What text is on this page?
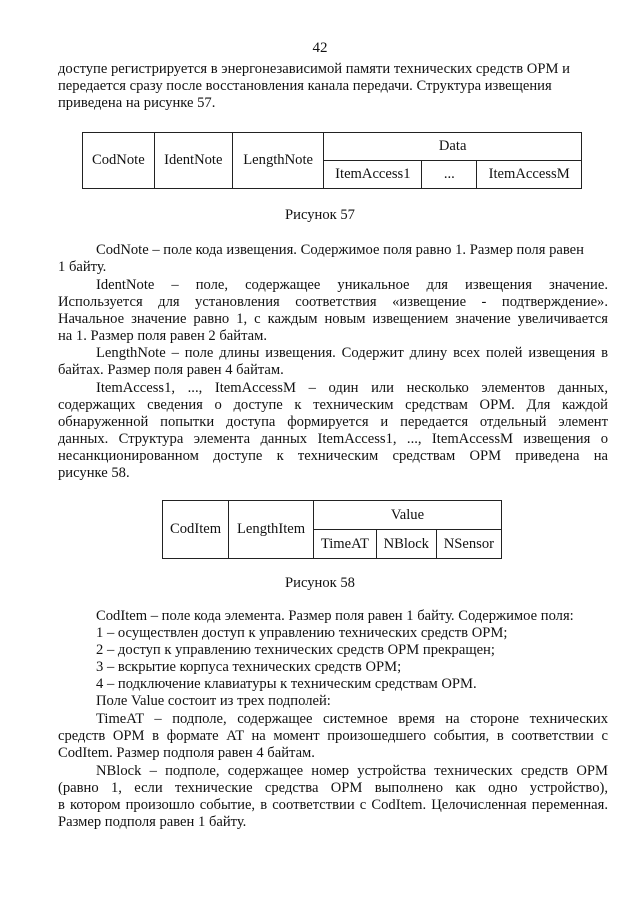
42
доступе регистрируется в энергонезависимой памяти технических средств ОРМ и
передается сразу после восстановления канала передачи. Структура извещения
приведена на рисунке 57.
CodNote	IdentNote	LengthNote	Data		
			ItemAccess1	...	ItemAccessM
Рисунок 57
CodNote – поле кода извещения. Содержимое поля равно 1. Размер поля равен
1 байту.
IdentNote – поле, содержащее уникальное для извещения значение.
Используется для установления соответствия «извещение - подтверждение».
Начальное значение равно 1, с каждым новым извещением значение увеличивается
на 1. Размер поля равен 2 байтам.
LengthNote – поле длины извещения. Содержит длину всех полей извещения в
байтах. Размер поля равен 4 байтам.
ItemAccess1, ..., ItemAccessM – один или несколько элементов данных,
содержащих сведения о доступе к техническим средствам ОРМ. Для каждой
обнаруженной попытки доступа формируется и передается отдельный элемент
данных. Структура элемента данных ItemAccess1, ..., ItemAccessM извещения о
несанкционированном доступе к техническим средствам ОРМ приведена на
рисунке 58.
CodItem	LengthItem	Value		
		TimeAT	NBlock	NSensor
Рисунок 58
CodItem – поле кода элемента. Размер поля равен 1 байту. Содержимое поля:
1 – осуществлен доступ к управлению технических средств ОРМ;
2 – доступ к управлению технических средств ОРМ прекращен;
3 – вскрытие корпуса технических средств ОРМ;
4 – подключение клавиатуры к техническим средствам ОРМ.
Поле Value состоит из трех подполей:
TimeAT – подполе, содержащее системное время на стороне технических
средств ОРМ в формате AT на момент произошедшего события, в соответствии с
CodItem. Размер подполя равен 4 байтам.
NBlock – подполе, содержащее номер устройства технических средств ОРМ
(равно 1, если технические средства ОРМ выполнено как одно устройство),
в котором произошло событие, в соответствии с CodItem. Целочисленная переменная.
Размер подполя равен 1 байту.
